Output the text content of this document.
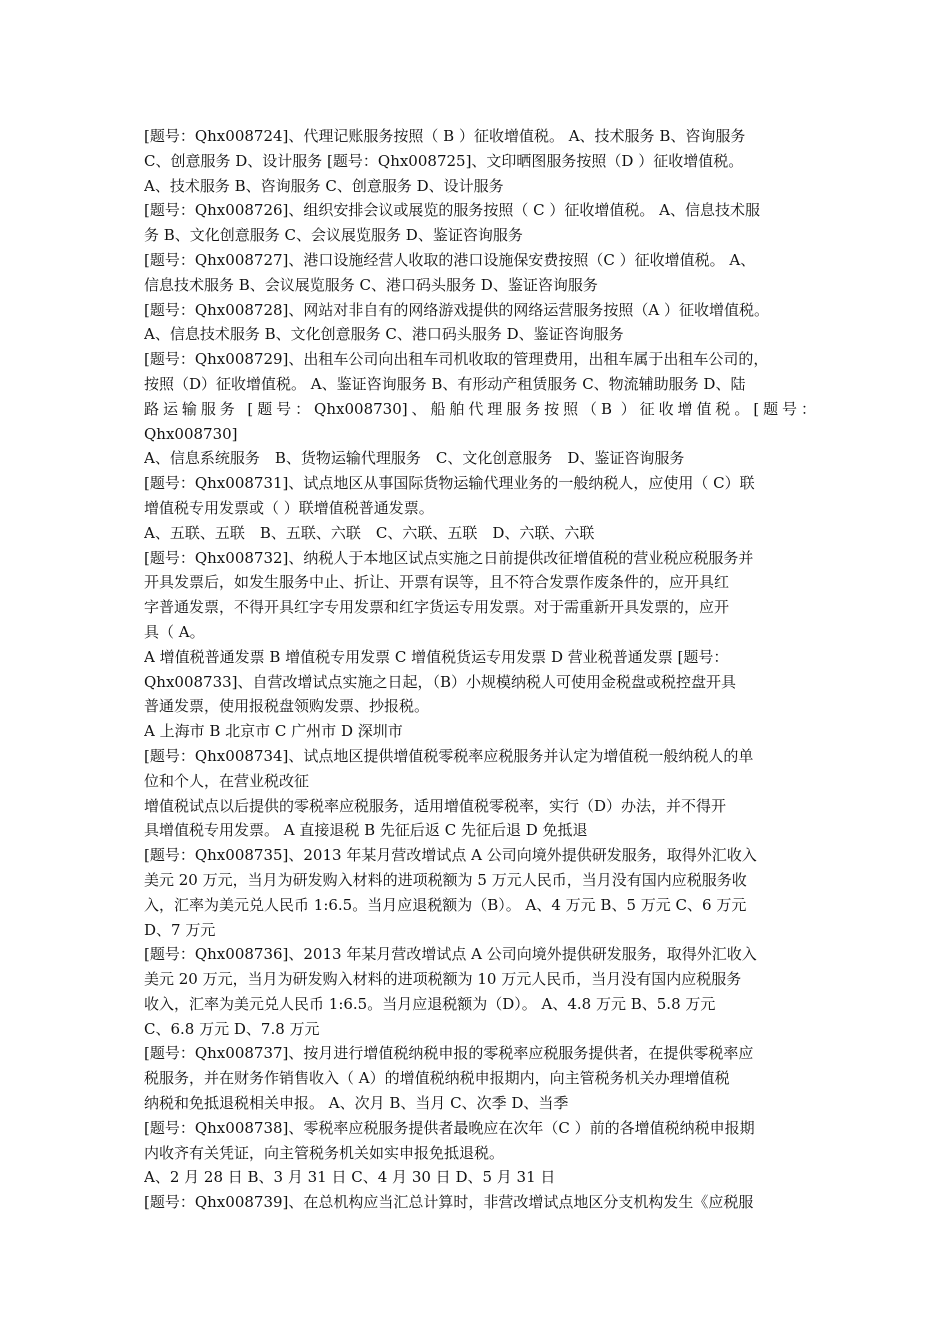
[题号：Qhx008724]、代理记账服务按照（ B ）征收增值税。 A、技术服务 B、咨询服务
C、创意服务 D、设计服务 [题号：Qhx008725]、文印晒图服务按照（D ）征收增值税。
A、技术服务 B、咨询服务 C、创意服务 D、设计服务
[题号：Qhx008726]、组织安排会议或展览的服务按照（ C ）征收增值税。 A、信息技术服
务 B、文化创意服务 C、会议展览服务 D、鉴证咨询服务
[题号：Qhx008727]、港口设施经营人收取的港口设施保安费按照（C ）征收增值税。 A、
信息技术服务 B、会议展览服务 C、港口码头服务 D、鉴证咨询服务
[题号：Qhx008728]、网站对非自有的网络游戏提供的网络运营服务按照（A ）征收增值税。
A、信息技术服务 B、文化创意服务 C、港口码头服务 D、鉴证咨询服务
[题号：Qhx008729]、出租车公司向出租车司机收取的管理费用，出租车属于出租车公司的，
按照（D）征收增值税。 A、鉴证咨询服务 B、有形动产租赁服务 C、物流辅助服务 D、陆
路运输服务 [题号：Qhx008730]、船舶代理服务按照（B ）征收增值税。[题号：
Qhx008730]
A、信息系统服务　B、货物运输代理服务　C、文化创意服务　D、鉴证咨询服务
[题号：Qhx008731]、试点地区从事国际货物运输代理业务的一般纳税人，应使用（ C）联
增值税专用发票或（ ）联增值税普通发票。
A、五联、五联　B、五联、六联　C、六联、五联　D、六联、六联
[题号：Qhx008732]、纳税人于本地区试点实施之日前提供改征增值税的营业税应税服务并
开具发票后，如发生服务中止、折让、开票有误等，且不符合发票作废条件的，应开具红
字普通发票，不得开具红字专用发票和红字货运专用发票。对于需重新开具发票的，应开
具（ A。
A 增值税普通发票 B 增值税专用发票 C 增值税货运专用发票 D 营业税普通发票 [题号：
Qhx008733]、自营改增试点实施之日起，（B）小规模纳税人可使用金税盘或税控盘开具
普通发票，使用报税盘领购发票、抄报税。
A 上海市 B 北京市 C 广州市 D 深圳市
[题号：Qhx008734]、试点地区提供增值税零税率应税服务并认定为增值税一般纳税人的单
位和个人，在营业税改征
增值税试点以后提供的零税率应税服务，适用增值税零税率，实行（D）办法，并不得开
具增值税专用发票。 A 直接退税 B 先征后返 C 先征后退 D 免抵退
[题号：Qhx008735]、2013 年某月营改增试点 A 公司向境外提供研发服务，取得外汇收入
美元 20 万元，当月为研发购入材料的进项税额为 5 万元人民币，当月没有国内应税服务收
入，汇率为美元兑人民币 1:6.5。当月应退税额为（B）。 A、4 万元 B、5 万元 C、6 万元
D、7 万元
[题号：Qhx008736]、2013 年某月营改增试点 A 公司向境外提供研发服务，取得外汇收入
美元 20 万元，当月为研发购入材料的进项税额为 10 万元人民币，当月没有国内应税服务
收入，汇率为美元兑人民币 1:6.5。当月应退税额为（D）。 A、4.8 万元 B、5.8 万元
C、6.8 万元 D、7.8 万元
[题号：Qhx008737]、按月进行增值税纳税申报的零税率应税服务提供者，在提供零税率应
税服务，并在财务作销售收入（ A）的增值税纳税申报期内，向主管税务机关办理增值税
纳税和免抵退税相关申报。 A、次月 B、当月 C、次季 D、当季
[题号：Qhx008738]、零税率应税服务提供者最晚应在次年（C ）前的各增值税纳税申报期
内收齐有关凭证，向主管税务机关如实申报免抵退税。
A、2 月 28 日 B、3 月 31 日 C、4 月 30 日 D、5 月 31 日
[题号：Qhx008739]、在总机构应当汇总计算时，非营改增试点地区分支机构发生《应税服
